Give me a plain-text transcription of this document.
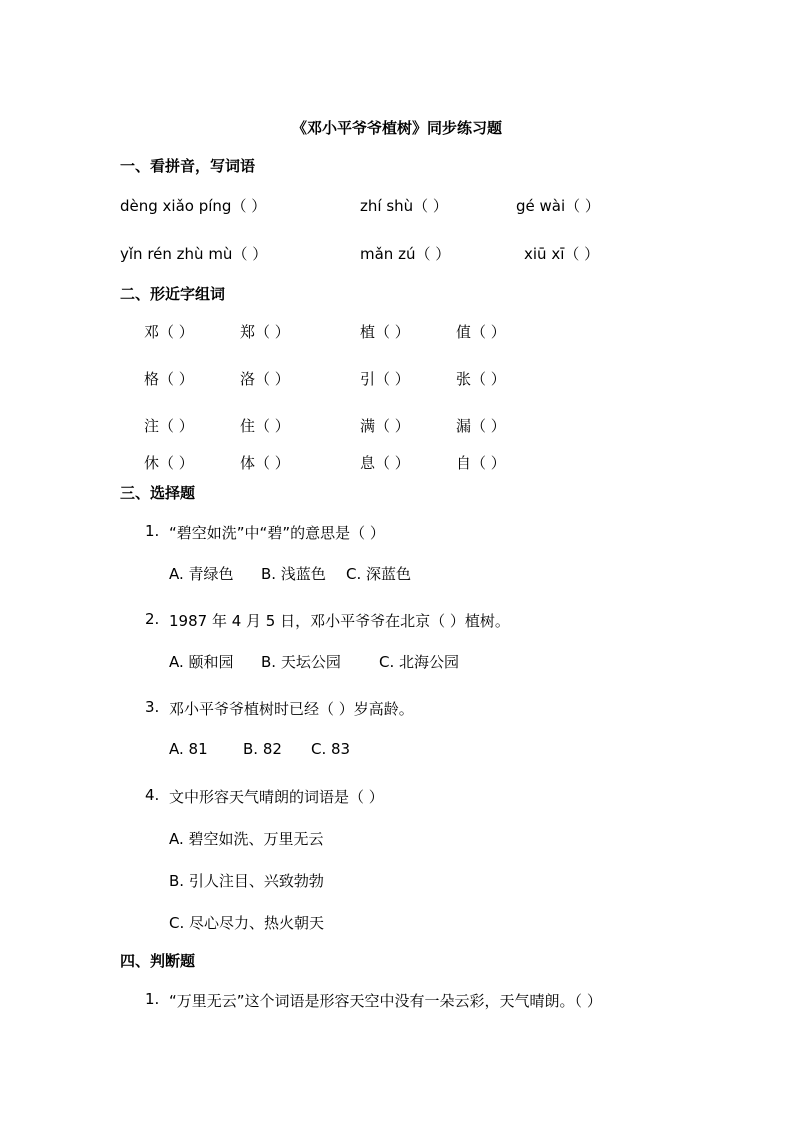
《邓小平爷爷植树》同步练习题
一、看拼音，写词语
dèng xiǎo píng（ ）	zhí shù（ ）	gé wài（ ）
yǐn rén zhù mù（ ）	mǎn zú（ ）	xiū xī（ ）
二、形近字组词
邓（ ）	郑（ ）	植（ ）	值（ ）
格（ ）	洛（ ）	引（ ）	张（ ）
注（ ）	住（ ）	满（ ）	漏（ ）
休（ ）	体（ ）	息（ ）	自（ ）
三、选择题
1. “碧空如洗”中“碧”的意思是（ ）
A. 青绿色 B. 浅蓝色 C. 深蓝色
2. 1987 年 4 月 5 日，邓小平爷爷在北京（ ）植树。
A. 颐和园 B. 天坛公园	C. 北海公园
3. 邓小平爷爷植树时已经（ ）岁高龄。
A. 81 B. 82 C. 83
4. 文中形容天气晴朗的词语是（ ）
A. 碧空如洗、万里无云
B. 引人注目、兴致勃勃
C. 尽心尽力、热火朝天
四、判断题
1. “万里无云”这个词语是形容天空中没有一朵云彩，天气晴朗。（ ）
